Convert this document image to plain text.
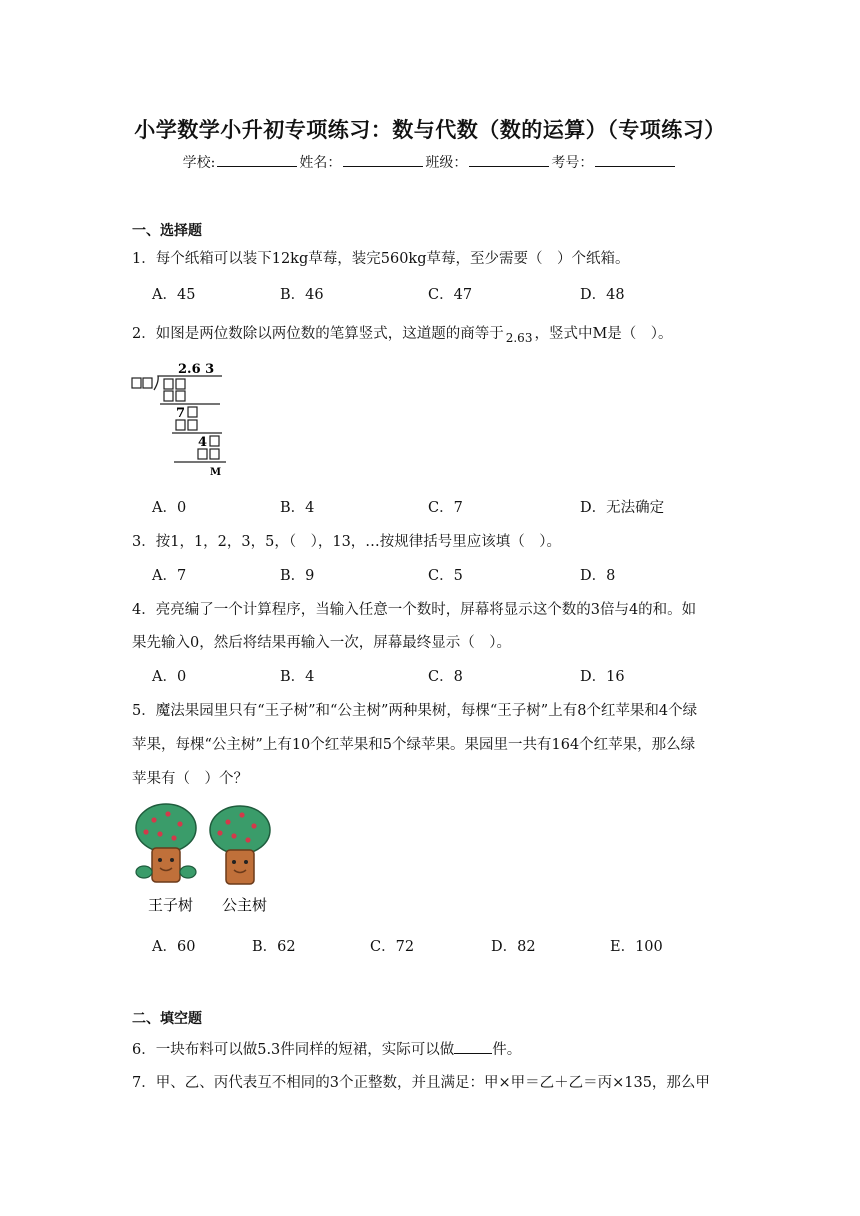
小学数学小升初专项练习：数与代数（数的运算）（专项练习）
学校:	姓名：	班级：	考号：
一、选择题
1．每个纸箱可以装下12kg草莓，装完560kg草莓，至少需要（　）个纸箱。
A．45	B．46	C．47	D．48
2．如图是两位数除以两位数的笔算竖式，这道题的商等于 2.63 ，竖式中M是（　）。
2.6 3
7
4
M
A．0	B．4	C．7	D．无法确定
3．按1，1，2，3，5，（　），13，…按规律括号里应该填（　）。
A．7	B．9	C．5	D．8
4．亮亮编了一个计算程序，当输入任意一个数时，屏幕将显示这个数的3倍与4的和。如
果先输入0，然后将结果再输入一次，屏幕最终显示（　）。
A．0	B．4	C．8	D．16
5．魔法果园里只有“王子树”和“公主树”两种果树，每棵“王子树”上有8个红苹果和4个绿
苹果，每棵“公主树”上有10个红苹果和5个绿苹果。果园里一共有164个红苹果，那么绿
苹果有（　）个？
王子树 公主树
A．60	B．62	C．72	D．82	E．100
二、填空题
6．一块布料可以做5.3件同样的短裙，实际可以做	件。
7．甲、乙、丙代表互不相同的3个正整数，并且满足：甲×甲＝乙＋乙＝丙×135，那么甲
